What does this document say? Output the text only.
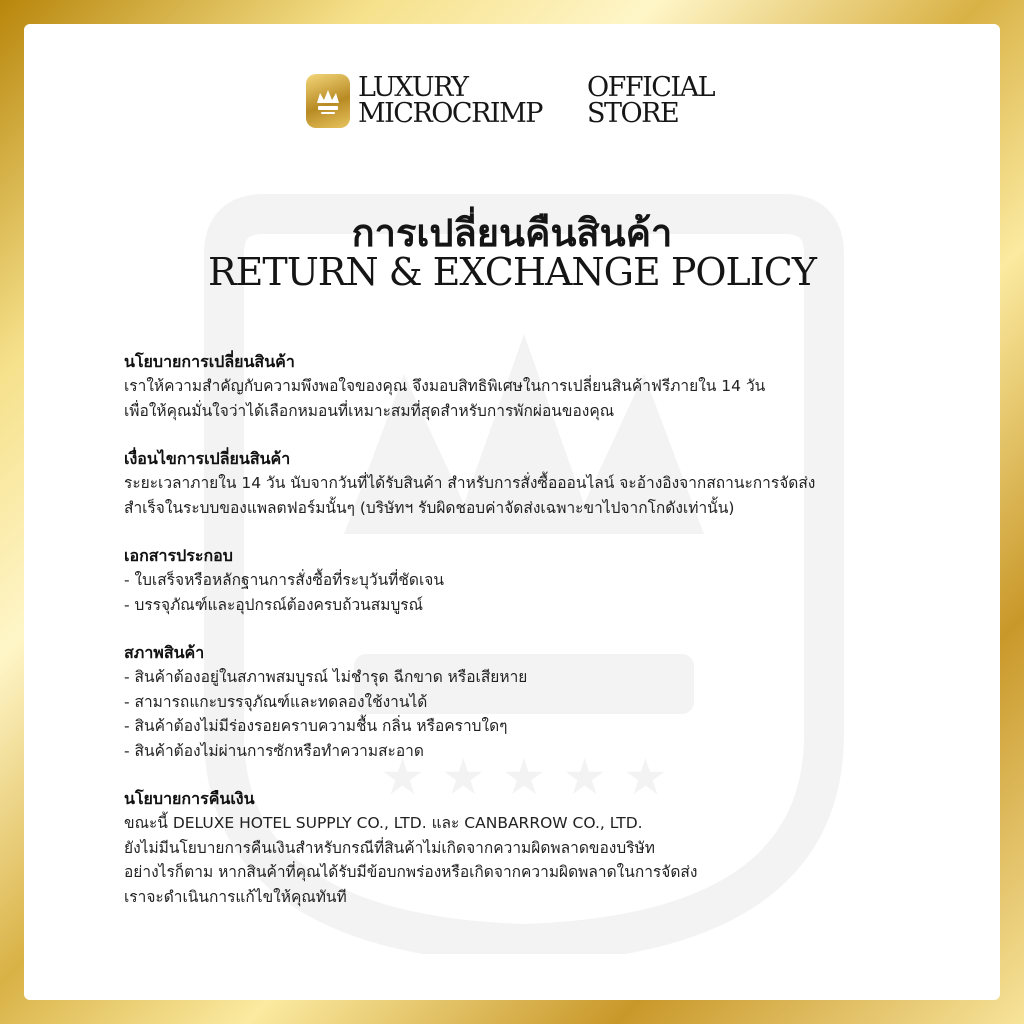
LUXURY
MICROCRIMP
OFFICIAL
STORE
การเปลี่ยนคืนสินค้า
RETURN & EXCHANGE POLICY
นโยบายการเปลี่ยนสินค้า
เราให้ความสำคัญกับความพึงพอใจของคุณ จึงมอบสิทธิพิเศษในการเปลี่ยนสินค้าฟรีภายใน 14 วัน
เพื่อให้คุณมั่นใจว่าได้เลือกหมอนที่เหมาะสมที่สุดสำหรับการพักผ่อนของคุณ
เงื่อนไขการเปลี่ยนสินค้า
ระยะเวลาภายใน 14 วัน นับจากวันที่ได้รับสินค้า สำหรับการสั่งซื้อออนไลน์ จะอ้างอิงจากสถานะการจัดส่ง
สำเร็จในระบบของแพลตฟอร์มนั้นๆ (บริษัทฯ รับผิดชอบค่าจัดส่งเฉพาะขาไปจากโกดังเท่านั้น)
เอกสารประกอบ
- ใบเสร็จหรือหลักฐานการสั่งซื้อที่ระบุวันที่ชัดเจน
- บรรจุภัณฑ์และอุปกรณ์ต้องครบถ้วนสมบูรณ์
สภาพสินค้า
- สินค้าต้องอยู่ในสภาพสมบูรณ์ ไม่ชำรุด ฉีกขาด หรือเสียหาย
- สามารถแกะบรรจุภัณฑ์และทดลองใช้งานได้
- สินค้าต้องไม่มีร่องรอยคราบความชื้น กลิ่น หรือคราบใดๆ
- สินค้าต้องไม่ผ่านการซักหรือทำความสะอาด
นโยบายการคืนเงิน
ขณะนี้ DELUXE HOTEL SUPPLY CO., LTD. และ CANBARROW CO., LTD.
ยังไม่มีนโยบายการคืนเงินสำหรับกรณีที่สินค้าไม่เกิดจากความผิดพลาดของบริษัท
อย่างไรก็ตาม หากสินค้าที่คุณได้รับมีข้อบกพร่องหรือเกิดจากความผิดพลาดในการจัดส่ง
เราจะดำเนินการแก้ไขให้คุณทันที
